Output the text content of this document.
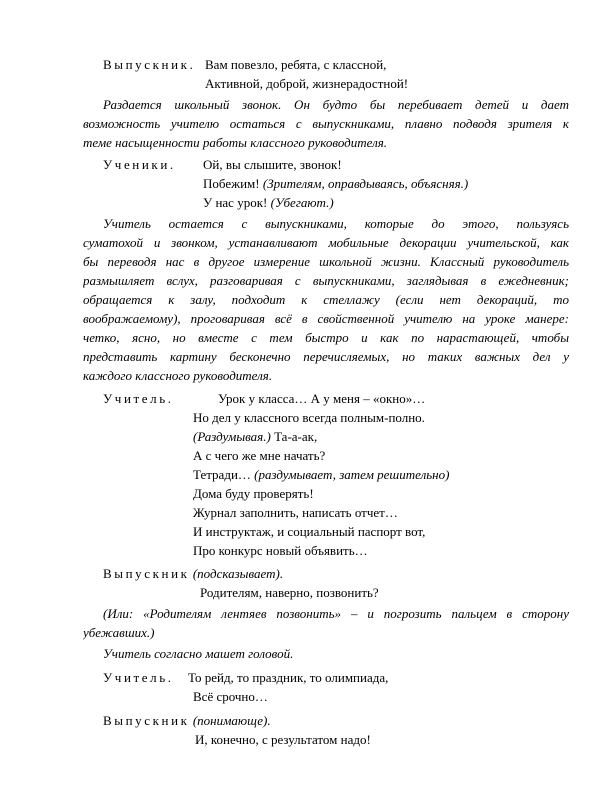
Выпускник. Вам повезло, ребята, с классной,
Активной, доброй, жизнерадостной!
Раздается школьный звонок. Он будто бы перебивает детей и дает
возможность учителю остаться с выпускниками, плавно подводя зрителя к
теме насыщенности работы классного руководителя.
Ученики. Ой, вы слышите, звонок!
Побежим! (Зрителям, оправдываясь, объясняя.)
У нас урок! (Убегают.)
Учитель остается с выпускниками, которые до этого, пользуясь
суматохой и звонком, устанавливают мобильные декорации учительской, как
бы переводя нас в другое измерение школьной жизни. Классный руководитель
размышляет вслух, разговаривая с выпускниками, заглядывая в ежедневник;
обращается к залу, подходит к стеллажу (если нет декораций, то
воображаемому), проговаривая всё в свойственной учителю на уроке манере:
четко, ясно, но вместе с тем быстро и как по нарастающей, чтобы
представить картину бесконечно перечисляемых, но таких важных дел у
каждого классного руководителя.
Учитель.	Урок у класса… А у меня – «окно»…
Но дел у классного всегда полным-полно.
(Раздумывая.) Та-а-ак,
А с чего же мне начать?
Тетради… (раздумывает, затем решительно)
Дома буду проверять!
Журнал заполнить, написать отчет…
И инструктаж, и социальный паспорт вот,
Про конкурс новый объявить…
Выпускник (подсказывает).
Родителям, наверно, позвонить?
(Или: «Родителям лентяев позвонить» – и погрозить пальцем в сторону
убежавших.)
Учитель согласно машет головой.
Учитель. То рейд, то праздник, то олимпиада,
Всё срочно…
Выпускник (понимающе).
И, конечно, с результатом надо!
